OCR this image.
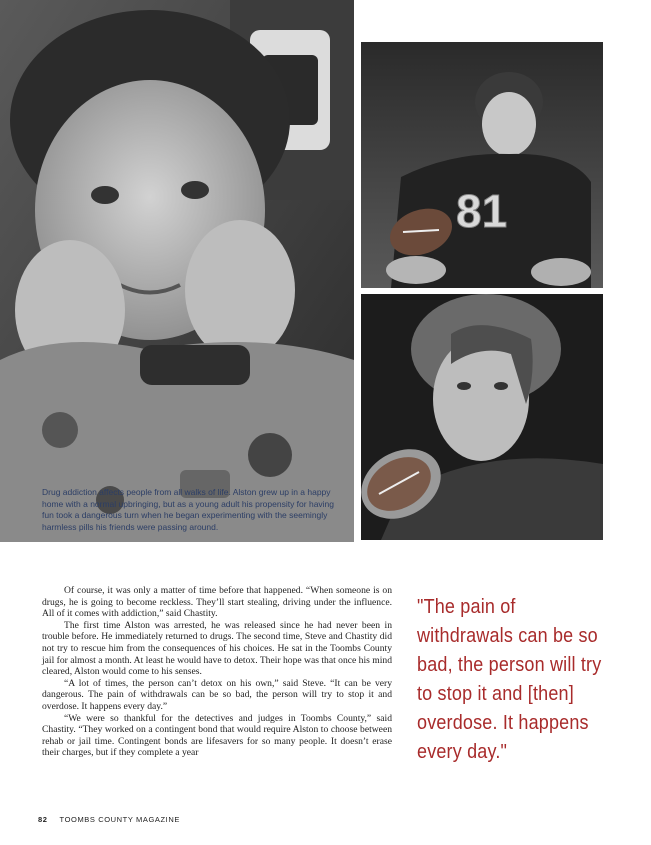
81
Drug addiction affects people from all walks of life. Alston grew up in a happy home with a normal upbringing, but as a young adult his propensity for having fun took a dangerous turn when he began experimenting with the seemingly harmless pills his friends were passing around.

Of course, it was only a matter of time before that happened. “When someone is on drugs, he is going to become reckless. They’ll start stealing, driving under the influence. All of it comes with addiction,” said Chastity.

The first time Alston was arrested, he was released since he had never been in trouble before. He immediately returned to drugs. The second time, Steve and Chastity did not try to rescue him from the consequences of his choices. He sat in the Toombs County jail for almost a month. At least he would have to detox. Their hope was that once his mind cleared, Alston would come to his senses.

“A lot of times, the person can’t detox on his own,” said Steve. “It can be very dangerous. The pain of withdrawals can be so bad, the person will try to stop it and overdose. It happens every day.”

“We were so thankful for the detectives and judges in Toombs County,” said Chastity. “They worked on a contingent bond that would require Alston to choose between rehab or jail time. Contingent bonds are lifesavers for so many people. It doesn’t erase their charges, but if they complete a year

"The pain of withdrawals can be so bad, the person will try to stop it and [then] overdose. It happens every day."
82 TOOMBS COUNTY MAGAZINE
